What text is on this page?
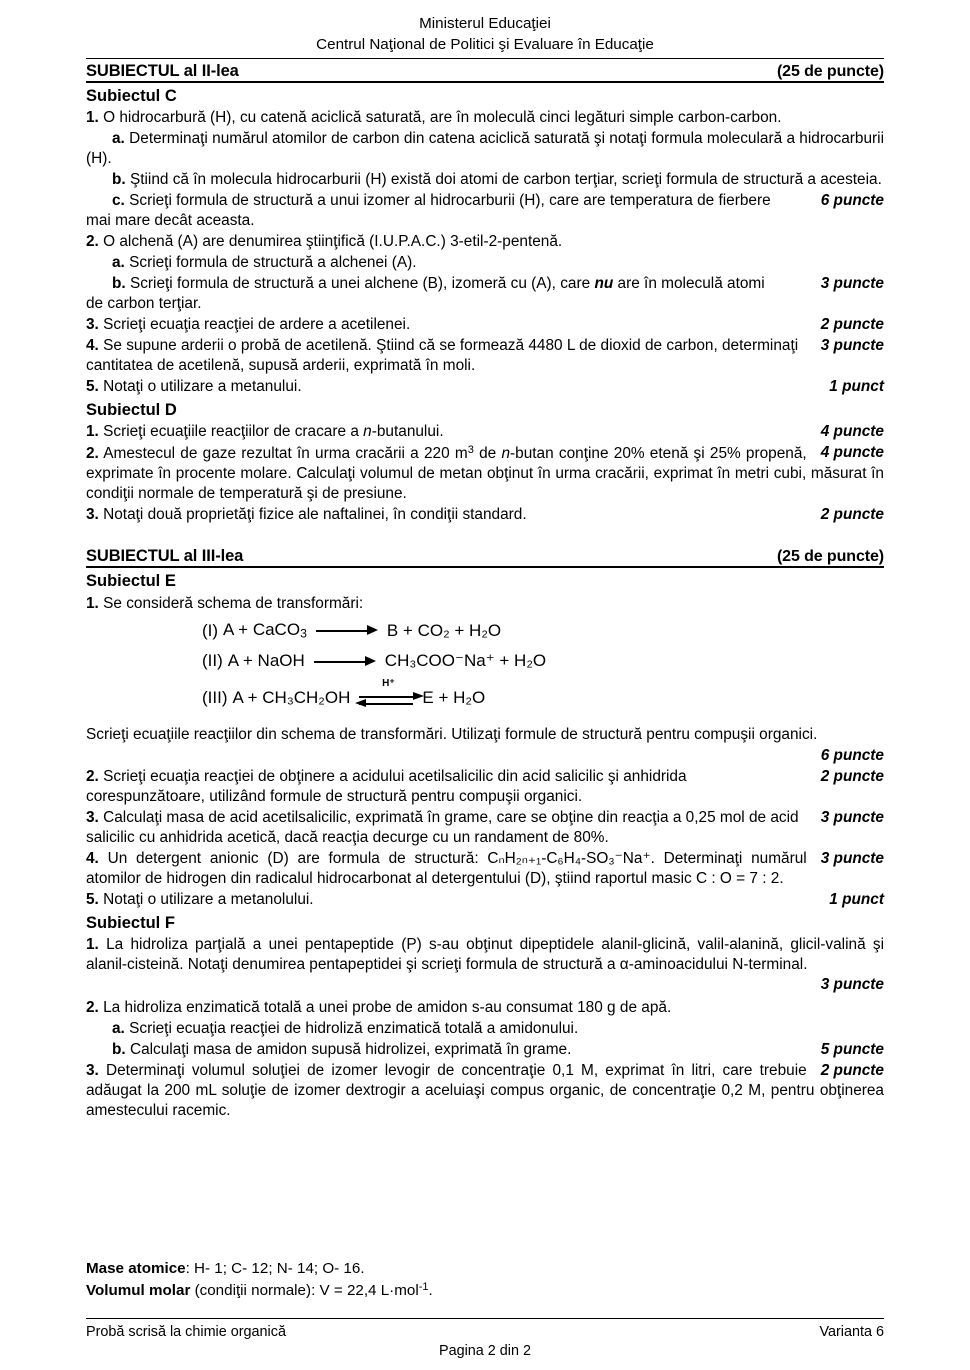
Ministerul Educaţiei
Centrul Naţional de Politici şi Evaluare în Educaţie
SUBIECTUL al II-lea	(25 de puncte)
Subiectul C
1. O hidrocarbură (H), cu catenă aciclică saturată, are în moleculă cinci legături simple carbon-carbon.
a. Determinaţi numărul atomilor de carbon din catena aciclică saturată şi notaţi formula moleculară a hidrocarburii (H).
b. Ştiind că în molecula hidrocarburii (H) există doi atomi de carbon terţiar, scrieţi formula de structură a acesteia.
6 puncte
c. Scrieţi formula de structură a unui izomer al hidrocarburii (H), care are temperatura de fierbere mai mare decât aceasta.
2. O alchenă (A) are denumirea ştiinţifică (I.U.P.A.C.) 3-etil-2-pentenă.
a. Scrieţi formula de structură a alchenei (A).
3 puncte
b. Scrieţi formula de structură a unei alchene (B), izomeră cu (A), care nu are în moleculă atomi de carbon terţiar.
2 puncte
3. Scrieţi ecuaţia reacţiei de ardere a acetilenei.
3 puncte
4. Se supune arderii o probă de acetilenă. Ştiind că se formează 4480 L de dioxid de carbon, determinaţi cantitatea de acetilenă, supusă arderii, exprimată în moli.
1 punct
5. Notaţi o utilizare a metanului.
Subiectul D
4 puncte
1. Scrieţi ecuaţiile reacţiilor de cracare a n-butanului.
4 puncte
2. Amestecul de gaze rezultat în urma cracării a 220 $m^3$ de n-butan conţine 20% etenă şi 25% propenă, exprimate în procente molare. Calculaţi volumul de metan obţinut în urma cracării, exprimat în metri cubi, măsurat în condiţii normale de temperatură şi de presiune.
2 puncte
3. Notaţi două proprietăţi fizice ale naftalinei, în condiţii standard.
SUBIECTUL al III-lea	(25 de puncte)
Subiectul E
1. Se consideră schema de transformări:
(I) A + CaCO$_3$	B + CO₂ + H₂O
(II) A + NaOH	CH₃COO⁻Na⁺ + H₂O
(III) A + CH₃CH₂OH
H⁺
E + H₂O
Scrieţi ecuaţiile reacţiilor din schema de transformări. Utilizaţi formule de structură pentru compuşii organici.
6 puncte
2 puncte
2. Scrieţi ecuaţia reacţiei de obţinere a acidului acetilsalicilic din acid salicilic şi anhidrida corespunzătoare, utilizând formule de structură pentru compuşii organici.
3 puncte
3. Calculaţi masa de acid acetilsalicilic, exprimată în grame, care se obţine din reacţia a 0,25 mol de acid salicilic cu anhidrida acetică, dacă reacţia decurge cu un randament de 80%.
3 puncte
4. Un detergent anionic (D) are formula de structură: CₙH₂ₙ₊₁-C₆H₄-SO₃⁻Na⁺. Determinaţi numărul atomilor de hidrogen din radicalul hidrocarbonat al detergentului (D), ştiind raportul masic C : O = 7 : 2.
1 punct
5. Notaţi o utilizare a metanolului.
Subiectul F
1. La hidroliza parţială a unei pentapeptide (P) s-au obţinut dipeptidele alanil-glicină, valil-alanină, glicil-valină şi alanil-cisteină. Notaţi denumirea pentapeptidei şi scrieţi formula de structură a α-aminoacidului N-terminal.
3 puncte
2. La hidroliza enzimatică totală a unei probe de amidon s-au consumat 180 g de apă.
a. Scrieţi ecuaţia reacţiei de hidroliză enzimatică totală a amidonului.
5 puncte
b. Calculaţi masa de amidon supusă hidrolizei, exprimată în grame.
2 puncte
3. Determinaţi volumul soluţiei de izomer levogir de concentraţie 0,1 M, exprimat în litri, care trebuie adăugat la 200 mL soluţie de izomer dextrogir a aceluiaşi compus organic, de concentraţie 0,2 M, pentru obţinerea amestecului racemic.
Mase atomice: H- 1; C- 12; N- 14; O- 16.
Volumul molar (condiţii normale): V = 22,4 L·mol$^{-1}$.
Probă scrisă la chimie organică	Varianta 6
Pagina 2 din 2
